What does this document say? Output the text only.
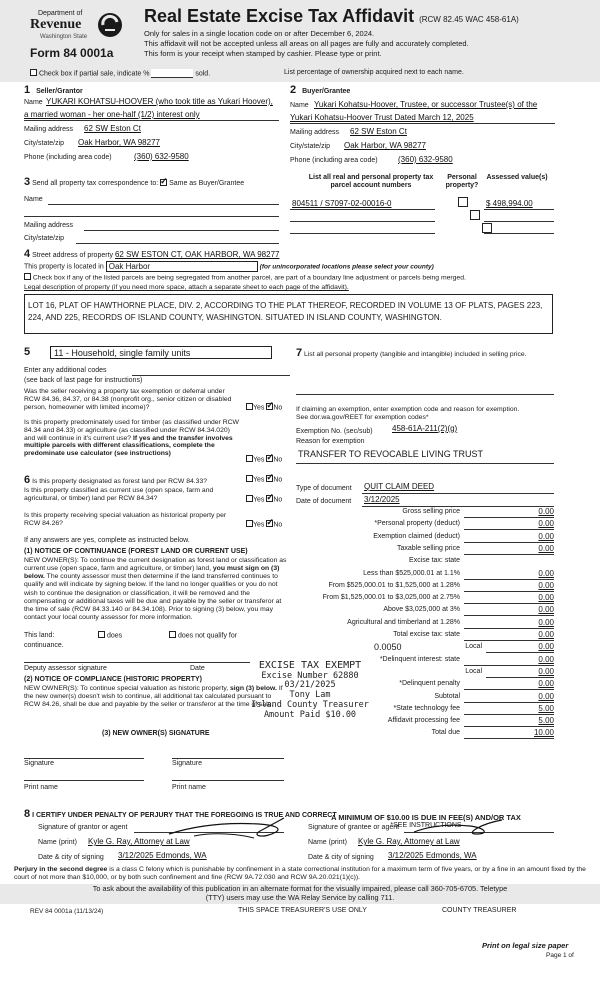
Department of
Revenue
Washington State
Form 84 0001a
Real Estate Excise Tax Affidavit (RCW 82.45 WAC 458-61A)
Only for sales in a single location code on or after December 6, 2024.
This affidavit will not be accepted unless all areas on all pages are fully and accurately completed.
This form is your receipt when stamped by cashier. Please type or print.
Check box if partial sale, indicate %	sold.	List percentage of ownership acquired next to each name.
1 Seller/Grantor
Name YUKARI KOHATSU-HOOVER (who took title as Yukari Hoover),
a married woman - her one-half (1/2) interest only
Mailing address 62 SW Eston Ct
City/state/zip Oak Harbor, WA 98277
Phone (including area code)	(360) 632-9580
2 Buyer/Grantee
Name Yukari Kohatsu-Hoover, Trustee, or successor Trustee(s) of the
Yukari Kohatsu-Hoover Trust Dated March 12, 2025
Mailing address 62 SW Eston Ct
City/state/zip Oak Harbor, WA 98277
Phone (including area code)	(360) 632-9580
3 Send all property tax correspondence to: ✓ Same as Buyer/Grantee
Name
Mailing address
City/state/zip
List all real and personal property tax parcel account numbers
Personal property?
Assessed value(s)
804511 / S7097-02-00016-0
	$ 498,994.00
4 Street address of property 62 SW ESTON CT, OAK HARBOR, WA 98277
This property is located in Oak Harbor	(for unincorporated locations please select your county)
Check box if any of the listed parcels are being segregated from another parcel, are part of a boundary line adjustment or parcels being merged.
Legal description of property (if you need more space, attach a separate sheet to each page of the affidavit).
LOT 16, PLAT OF HAWTHORNE PLACE, DIV. 2, ACCORDING TO THE PLAT THEREOF, RECORDED IN VOLUME 13 OF PLATS, PAGES 223, 224, AND 225, RECORDS OF ISLAND COUNTY, WASHINGTON. SITUATED IN ISLAND COUNTY, WASHINGTON.
5	11 - Household, single family units
Enter any additional codes
(see back of last page for instructions)
Was the seller receiving a property tax exemption or deferral under RCW 84.36, 84.37, or 84.38 (nonprofit org., senior citizen or disabled person, homeowner with limited income)?	Yes ✓ No
Is this property predominately used for timber (as classified under RCW 84.34 and 84.33) or agriculture (as classified under RCW 84.34.020) and will continue in it's current use? If yes and the transfer involves multiple parcels with different classifications, complete the predominate use calculator (see instructions)
Yes ✓ No
6 Is this property designated as forest land per RCW 84.33?	Yes ✓ No
Is this property classified as current use (open space, farm and agricultural, or timber) land per RCW 84.34?	Yes ✓ No
Is this property receiving special valuation as historical property per RCW 84.26?	Yes ✓ No
If any answers are yes, complete as instructed below.
(1) NOTICE OF CONTINUANCE (FOREST LAND OR CURRENT USE)
NEW OWNER(S): To continue the current designation as forest land or classification as current use (open space, farm and agriculture, or timber) land, you must sign on (3) below. The county assessor must then determine if the land transferred continues to qualify and will indicate by signing below. If the land no longer qualifies or you do not wish to continue the designation or classification, it will be removed and the compensating or additional taxes will be due and payable by the seller or transferor at the time of sale (RCW 84.33.140 or 84.34.108). Prior to signing (3) below, you may contact your local county assessor for more information.
This land:
continuance.
does	does not qualify for
Deputy assessor signature	Date
(2) NOTICE OF COMPLIANCE (HISTORIC PROPERTY)
NEW OWNER(S): To continue special valuation as historic property, sign (3) below. If the new owner(s) doesn't wish to continue, all additional tax calculated pursuant to RCW 84.26, shall be due and payable by the seller or transferor at the time of sale.
(3) NEW OWNER(S) SIGNATURE
Signature	Signature
Print name	Print name
7 List all personal property (tangible and intangible) included in selling price.
If claiming an exemption, enter exemption code and reason for exemption. See dor.wa.gov/REET for exemption codes*
Exemption No. (sec/sub) 458-61A-211(2)(g)
Reason for exemption
TRANSFER TO REVOCABLE LIVING TRUST
Type of document QUIT CLAIM DEED
Date of document 3/12/2025
Gross selling price	0.00
*Personal property (deduct)	0.00
Exemption claimed (deduct)	0.00
Taxable selling price	0.00
Excise tax: state
Less than $525,000.01 at 1.1%	0.00
From $525,000.01 to $1,525,000 at 1.28%	0.00
From $1,525,000.01 to $3,025,000 at 2.75%	0.00
Above $3,025,000 at 3%	0.00
Agricultural and timberland at 1.28%	0.00
Total excise tax: state	0.00
Local	0.00
*Delinquent interest: state	0.00
Local	0.00
*Delinquent penalty	0.00
Subtotal	0.00
*State technology fee	5.00
Affidavit processing fee	5.00
Total due	10.00
0.0050
EXCISE TAX EXEMPT
Excise Number 62880
03/21/2025
Tony Lam
Island County Treasurer
Amount Paid $10.00
A MINIMUM OF $10.00 IS DUE IN FEE(S) AND/OR TAX
*SEE INSTRUCTIONS
8 I CERTIFY UNDER PENALTY OF PERJURY THAT THE FOREGOING IS TRUE AND CORRECT
Signature of grantor or agent	Signature of grantee or agent
Name (print) Kyle G. Ray, Attorney at Law	Name (print) Kyle G. Ray, Attorney at Law
Date & city of signing 3/12/2025 Edmonds, WA	Date & city of signing 3/12/2025 Edmonds, WA
Perjury in the second degree is a class C felony which is punishable by confinement in a state correctional institution for a maximum term of five years, or by a fine in an amount fixed by the court of not more than $10,000, or by both such confinement and fine (RCW 9A.72.030 and RCW 9A.20.021(1)(c)).
To ask about the availability of this publication in an alternate format for the visually impaired, please call 360-705-6705. Teletype
(TTY) users may use the WA Relay Service by calling 711.
REV 84 0001a (11/13/24)	THIS SPACE TREASURER'S USE ONLY	COUNTY TREASURER
Print on legal size paper
Page 1 of
